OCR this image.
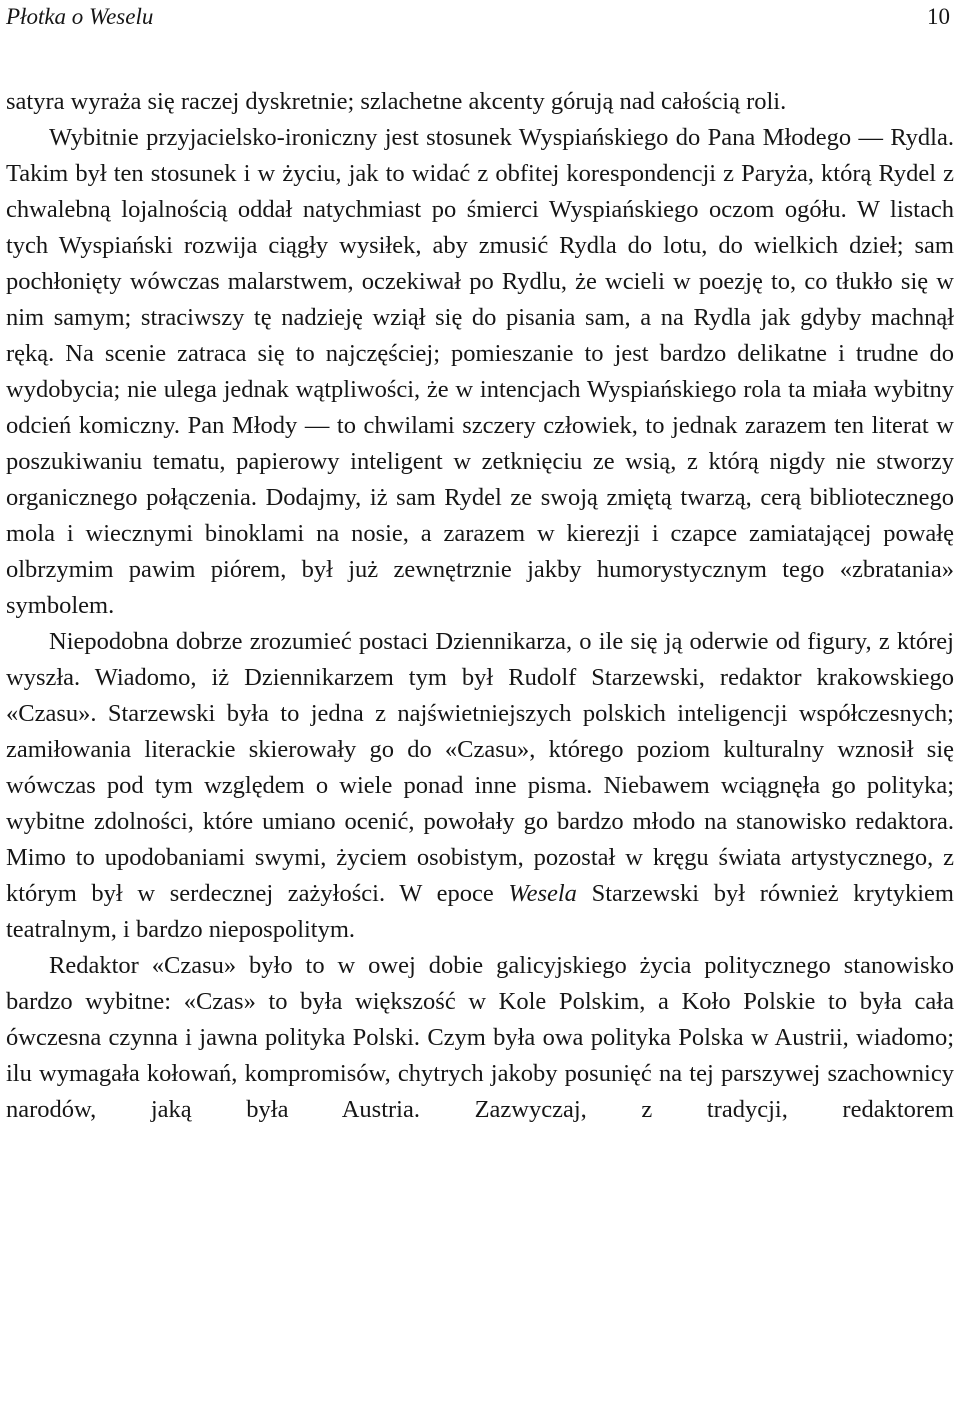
Płotka o Weselu	10

satyra wyraża się raczej dyskretnie; szlachetne akcenty górują nad całością roli.

Wybitnie przyjacielsko-ironiczny jest stosunek Wyspiańskiego do Pana Młodego — Rydla. Takim był ten stosunek i w życiu, jak to widać z obfitej korespondencji z Paryża, którą Rydel z chwalebną lojalnością oddał natychmiast po śmierci Wyspiańskiego oczom ogółu. W listach tych Wyspiański rozwija ciągły wysiłek, aby zmusić Rydla do lotu, do wielkich dzieł; sam pochłonięty wówczas malarstwem, oczekiwał po Rydlu, że wcieli w poezję to, co tłukło się w nim samym; straciwszy tę nadzieję wziął się do pisania sam, a na Rydla jak gdyby machnął ręką. Na scenie zatraca się to najczęściej; pomieszanie to jest bardzo delikatne i trudne do wydobycia; nie ulega jednak wątpliwości, że w intencjach Wyspiańskiego rola ta miała wybitny odcień komiczny. Pan Młody — to chwilami szczery człowiek, to jednak zarazem ten literat w poszukiwaniu tematu, papierowy inteligent w zetknięciu ze wsią, z którą nigdy nie stworzy organicznego połączenia. Dodajmy, iż sam Rydel ze swoją zmiętą twarzą, cerą bibliotecznego mola i wiecznymi binoklami na nosie, a zarazem w kierezji i czapce zamiatającej powałę olbrzymim pawim piórem, był już zewnętrznie jakby humorystycznym tego «zbratania» symbolem.

Niepodobna dobrze zrozumieć postaci Dziennikarza, o ile się ją oderwie od figury, z której wyszła. Wiadomo, iż Dziennikarzem tym był Rudolf Starzewski, redaktor krakowskiego «Czasu». Starzewski była to jedna z najświetniejszych polskich inteligencji współczesnych; zamiłowania literackie skierowały go do «Czasu», którego poziom kulturalny wznosił się wówczas pod tym względem o wiele ponad inne pisma. Niebawem wciągnęła go polityka; wybitne zdolności, które umiano ocenić, powołały go bardzo młodo na stanowisko redaktora. Mimo to upodobaniami swymi, życiem osobistym, pozostał w kręgu świata artystycznego, z którym był w serdecznej zażyłości. W epoce Wesela Starzewski był również krytykiem teatralnym, i bardzo niepospolitym.

Redaktor «Czasu» było to w owej dobie galicyjskiego życia politycznego stanowisko bardzo wybitne: «Czas» to była większość w Kole Polskim, a Koło Polskie to była cała ówczesna czynna i jawna polityka Polski. Czym była owa polityka Polska w Austrii, wiadomo; ilu wymagała kołowań, kompromisów, chytrych jakoby posunięć na tej parszywej szachownicy narodów, jaką była Austria. Zazwyczaj, z tradycji, redaktorem
